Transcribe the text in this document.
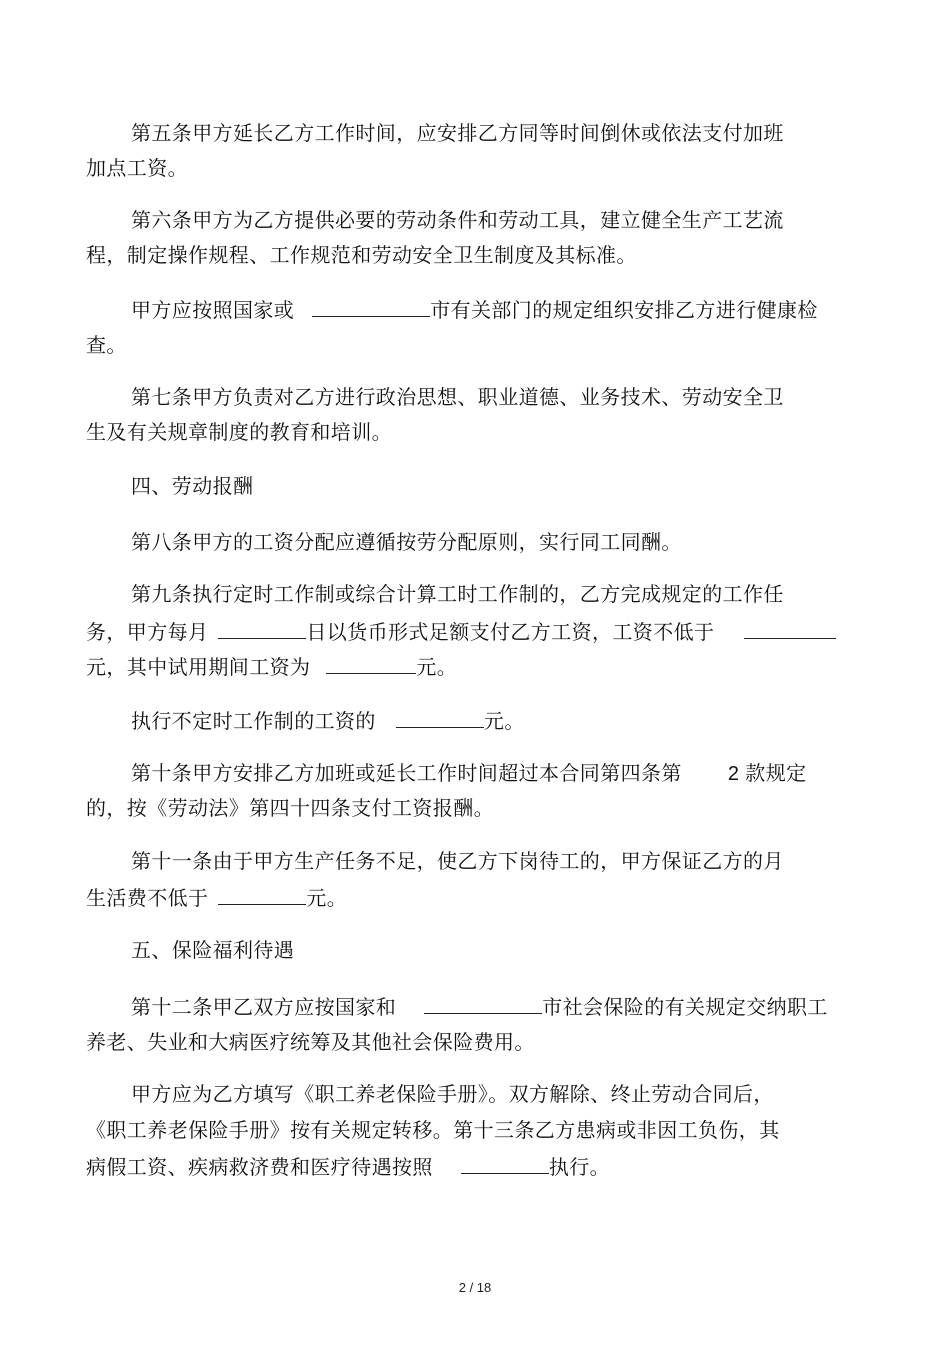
第五条甲方延长乙方工作时间，应安排乙方同等时间倒休或依法支付加班
加点工资。
第六条甲方为乙方提供必要的劳动条件和劳动工具，建立健全生产工艺流
程，制定操作规程、工作规范和劳动安全卫生制度及其标准。
甲方应按照国家或	市有关部门的规定组织安排乙方进行健康检
查。
第七条甲方负责对乙方进行政治思想、职业道德、业务技术、劳动安全卫
生及有关规章制度的教育和培训。
四、劳动报酬
第八条甲方的工资分配应遵循按劳分配原则，实行同工同酬。
第九条执行定时工作制或综合计算工时工作制的，乙方完成规定的工作任
务，甲方每月	日以货币形式足额支付乙方工资，工资不低于
元，其中试用期间工资为	元。
执行不定时工作制的工资的	元。
第十条甲方安排乙方加班或延长工作时间超过本合同第四条第 2 款规定
的，按《劳动法》第四十四条支付工资报酬。
第十一条由于甲方生产任务不足，使乙方下岗待工的，甲方保证乙方的月
生活费不低于	元。
五、保险福利待遇
第十二条甲乙双方应按国家和	市社会保险的有关规定交纳职工
养老、失业和大病医疗统筹及其他社会保险费用。
甲方应为乙方填写《职工养老保险手册》。双方解除、终止劳动合同后，
《职工养老保险手册》按有关规定转移。第十三条乙方患病或非因工负伤，其
病假工资、疾病救济费和医疗待遇按照	执行。
2 / 18
